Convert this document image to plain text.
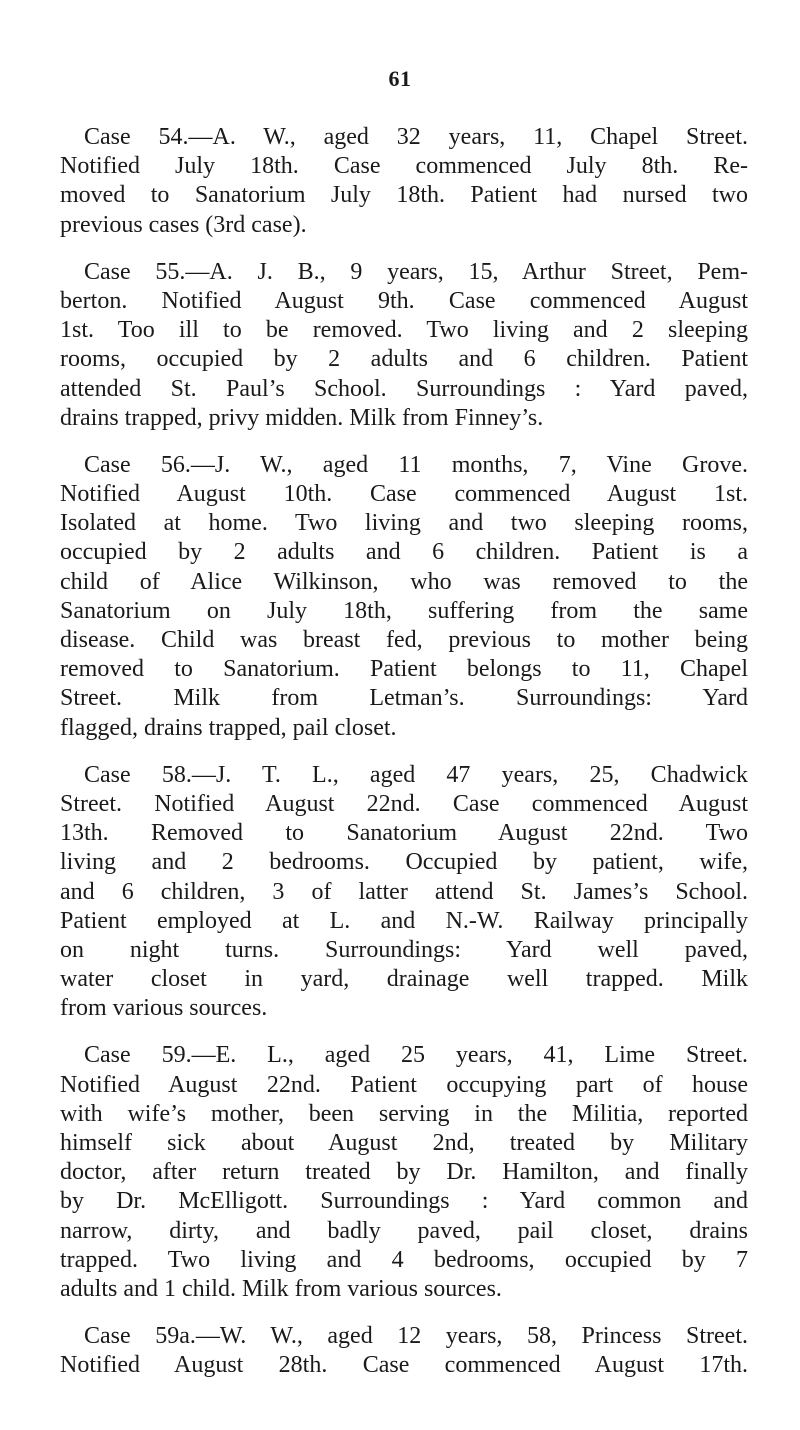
61
Case 54.—A. W., aged 32 years, 11, Chapel Street.
Notified July 18th. Case commenced July 8th. Re-
moved to Sanatorium July 18th. Patient had nursed two
previous cases (3rd case).
Case 55.—A. J. B., 9 years, 15, Arthur Street, Pem-
berton. Notified August 9th. Case commenced August
1st. Too ill to be removed. Two living and 2 sleeping
rooms, occupied by 2 adults and 6 children. Patient
attended St. Paul’s School. Surroundings : Yard paved,
drains trapped, privy midden. Milk from Finney’s.
Case 56.—J. W., aged 11 months, 7, Vine Grove.
Notified August 10th. Case commenced August 1st.
Isolated at home. Two living and two sleeping rooms,
occupied by 2 adults and 6 children. Patient is a
child of Alice Wilkinson, who was removed to the
Sanatorium on July 18th, suffering from the same
disease. Child was breast fed, previous to mother being
removed to Sanatorium. Patient belongs to 11, Chapel
Street. Milk from Letman’s. Surroundings: Yard
flagged, drains trapped, pail closet.
Case 58.—J. T. L., aged 47 years, 25, Chadwick
Street. Notified August 22nd. Case commenced August
13th. Removed to Sanatorium August 22nd. Two
living and 2 bedrooms. Occupied by patient, wife,
and 6 children, 3 of latter attend St. James’s School.
Patient employed at L. and N.-W. Railway principally
on night turns. Surroundings: Yard well paved,
water closet in yard, drainage well trapped. Milk
from various sources.
Case 59.—E. L., aged 25 years, 41, Lime Street.
Notified August 22nd. Patient occupying part of house
with wife’s mother, been serving in the Militia, reported
himself sick about August 2nd, treated by Military
doctor, after return treated by Dr. Hamilton, and finally
by Dr. McElligott. Surroundings : Yard common and
narrow, dirty, and badly paved, pail closet, drains
trapped. Two living and 4 bedrooms, occupied by 7
adults and 1 child. Milk from various sources.
Case 59a.—W. W., aged 12 years, 58, Princess Street.
Notified August 28th. Case commenced August 17th.
